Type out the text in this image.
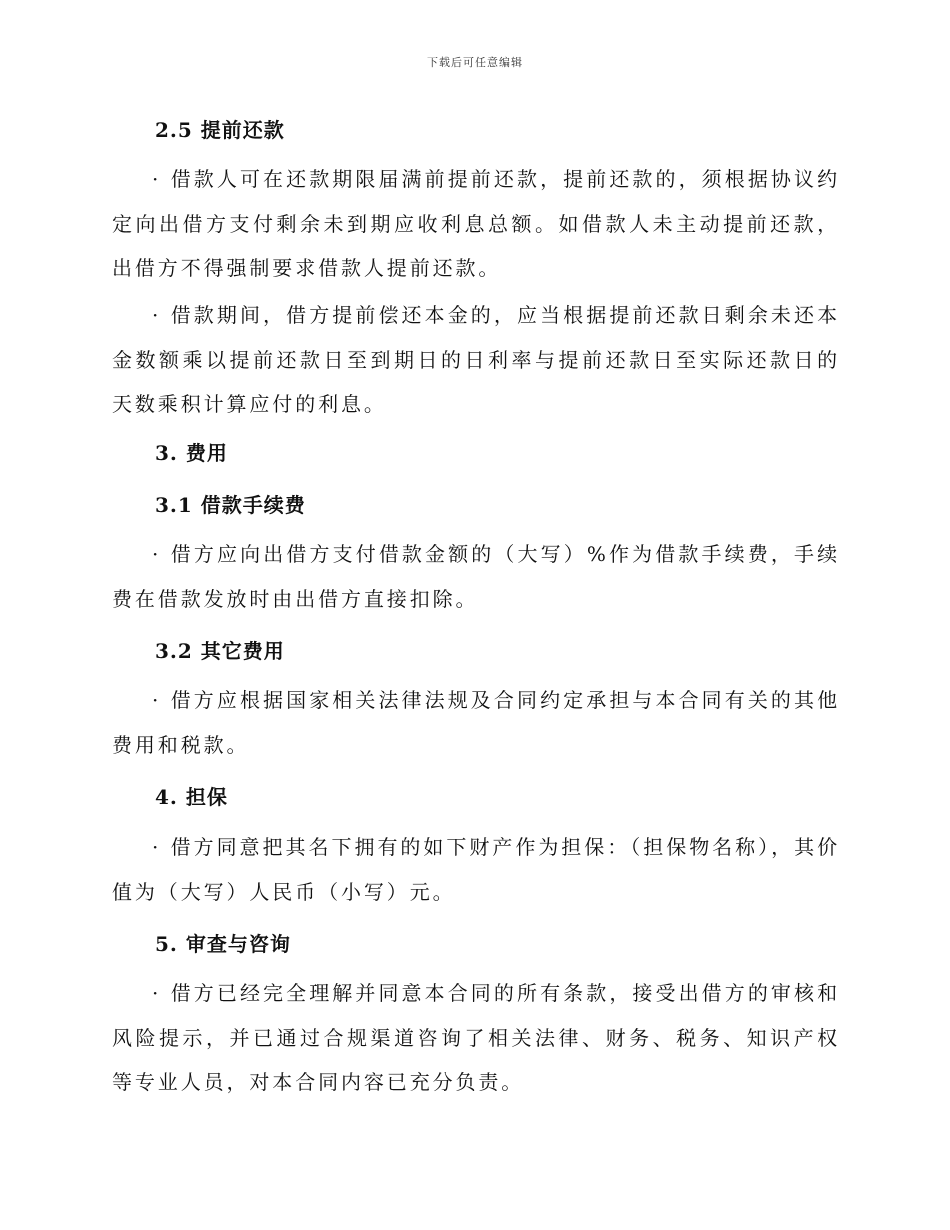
下载后可任意编辑
2.5 提前还款

· 借款人可在还款期限届满前提前还款，提前还款的，须根据协议约定向出借方支付剩余未到期应收利息总额。如借款人未主动提前还款，出借方不得强制要求借款人提前还款。

· 借款期间，借方提前偿还本金的，应当根据提前还款日剩余未还本金数额乘以提前还款日至到期日的日利率与提前还款日至实际还款日的天数乘积计算应付的利息。

3. 费用
3.1 借款手续费

· 借方应向出借方支付借款金额的（大写）%作为借款手续费，手续费在借款发放时由出借方直接扣除。

3.2 其它费用

· 借方应根据国家相关法律法规及合同约定承担与本合同有关的其他费用和税款。

4. 担保

· 借方同意把其名下拥有的如下财产作为担保：（担保物名称），其价值为（大写）人民币（小写）元。

5. 审查与咨询

· 借方已经完全理解并同意本合同的所有条款，接受出借方的审核和风险提示，并已通过合规渠道咨询了相关法律、财务、税务、知识产权等专业人员，对本合同内容已充分负责。
